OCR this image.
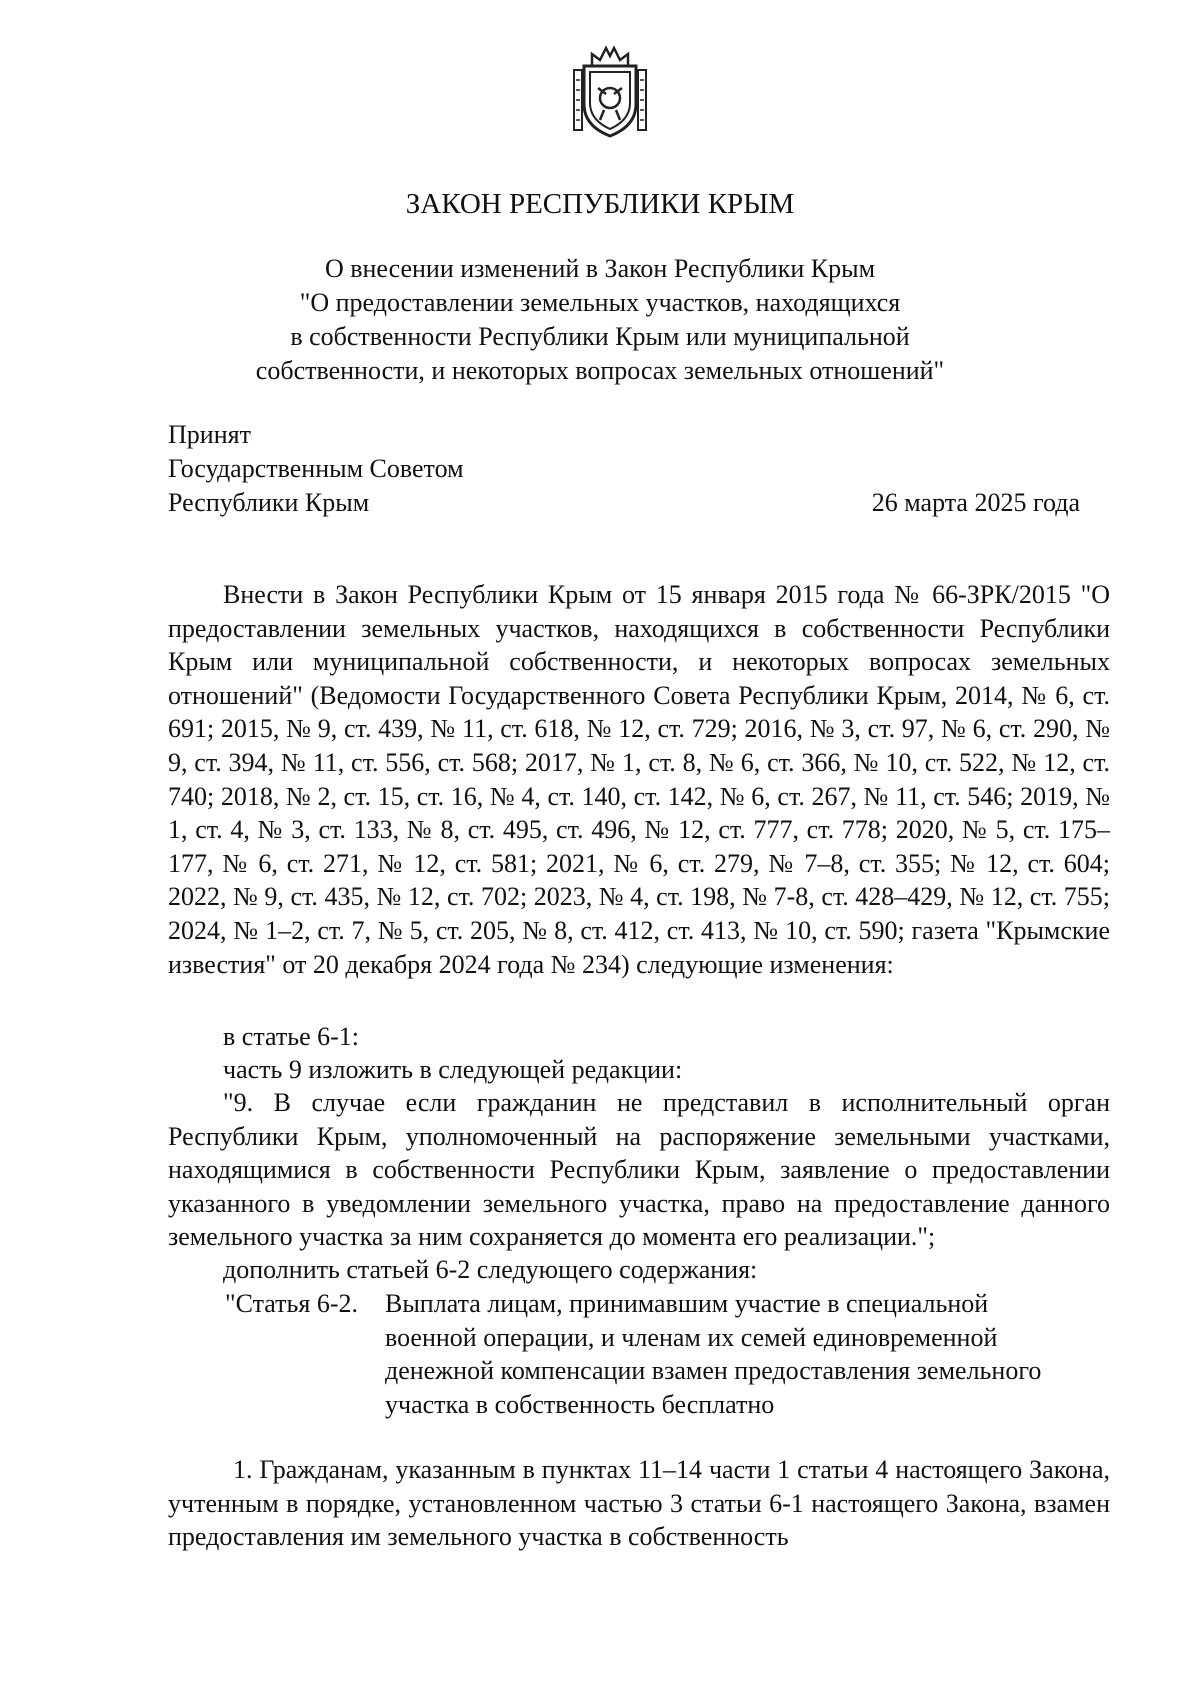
ЗАКОН РЕСПУБЛИКИ КРЫМ
О внесении изменений в Закон Республики Крым
"О предоставлении земельных участков, находящихся
в собственности Республики Крым или муниципальной
собственности, и некоторых вопросах земельных отношений"
Принят
Государственным Советом
Республики Крым	26 марта 2025 года

Внести в Закон Республики Крым от 15 января 2015 года № 66-ЗРК/2015 "О предоставлении земельных участков, находящихся в собственности Республики Крым или муниципальной собственности, и некоторых вопросах земельных отношений" (Ведомости Государственного Совета Республики Крым, 2014, № 6, ст. 691; 2015, № 9, ст. 439, № 11, ст. 618, № 12, ст. 729; 2016, № 3, ст. 97, № 6, ст. 290, № 9, ст. 394, № 11, ст. 556, ст. 568; 2017, № 1, ст. 8, № 6, ст. 366, № 10, ст. 522, № 12, ст. 740; 2018, № 2, ст. 15, ст. 16, № 4, ст. 140, ст. 142, № 6, ст. 267, № 11, ст. 546; 2019, № 1, ст. 4, № 3, ст. 133, № 8, ст. 495, ст. 496, № 12, ст. 777, ст. 778; 2020, № 5, ст. 175–177, № 6, ст. 271, № 12, ст. 581; 2021, № 6, ст. 279, № 7–8, ст. 355; № 12, ст. 604; 2022, № 9, ст. 435, № 12, ст. 702; 2023, № 4, ст. 198, № 7-8, ст. 428–429, № 12, ст. 755; 2024, № 1–2, ст. 7, № 5, ст. 205, № 8, ст. 412, ст. 413, № 10, ст. 590; газета "Крымские известия" от 20 декабря 2024 года № 234) следующие изменения:

в статье 6-1:

часть 9 изложить в следующей редакции:

"9. В случае если гражданин не представил в исполнительный орган Республики Крым, уполномоченный на распоряжение земельными участками, находящимися в собственности Республики Крым, заявление о предоставлении указанного в уведомлении земельного участка, право на предоставление данного земельного участка за ним сохраняется до момента его реализации.";

дополнить статьей 6-2 следующего содержания:

"Статья 6-2. Выплата лицам, принимавшим участие в специальной
военной операции, и членам их семей единовременной
денежной компенсации взамен предоставления земельного
участка в собственность бесплатно

1. Гражданам, указанным в пунктах 11–14 части 1 статьи 4 настоящего Закона, учтенным в порядке, установленном частью 3 статьи 6-1 настоящего Закона, взамен предоставления им земельного участка в собственность
